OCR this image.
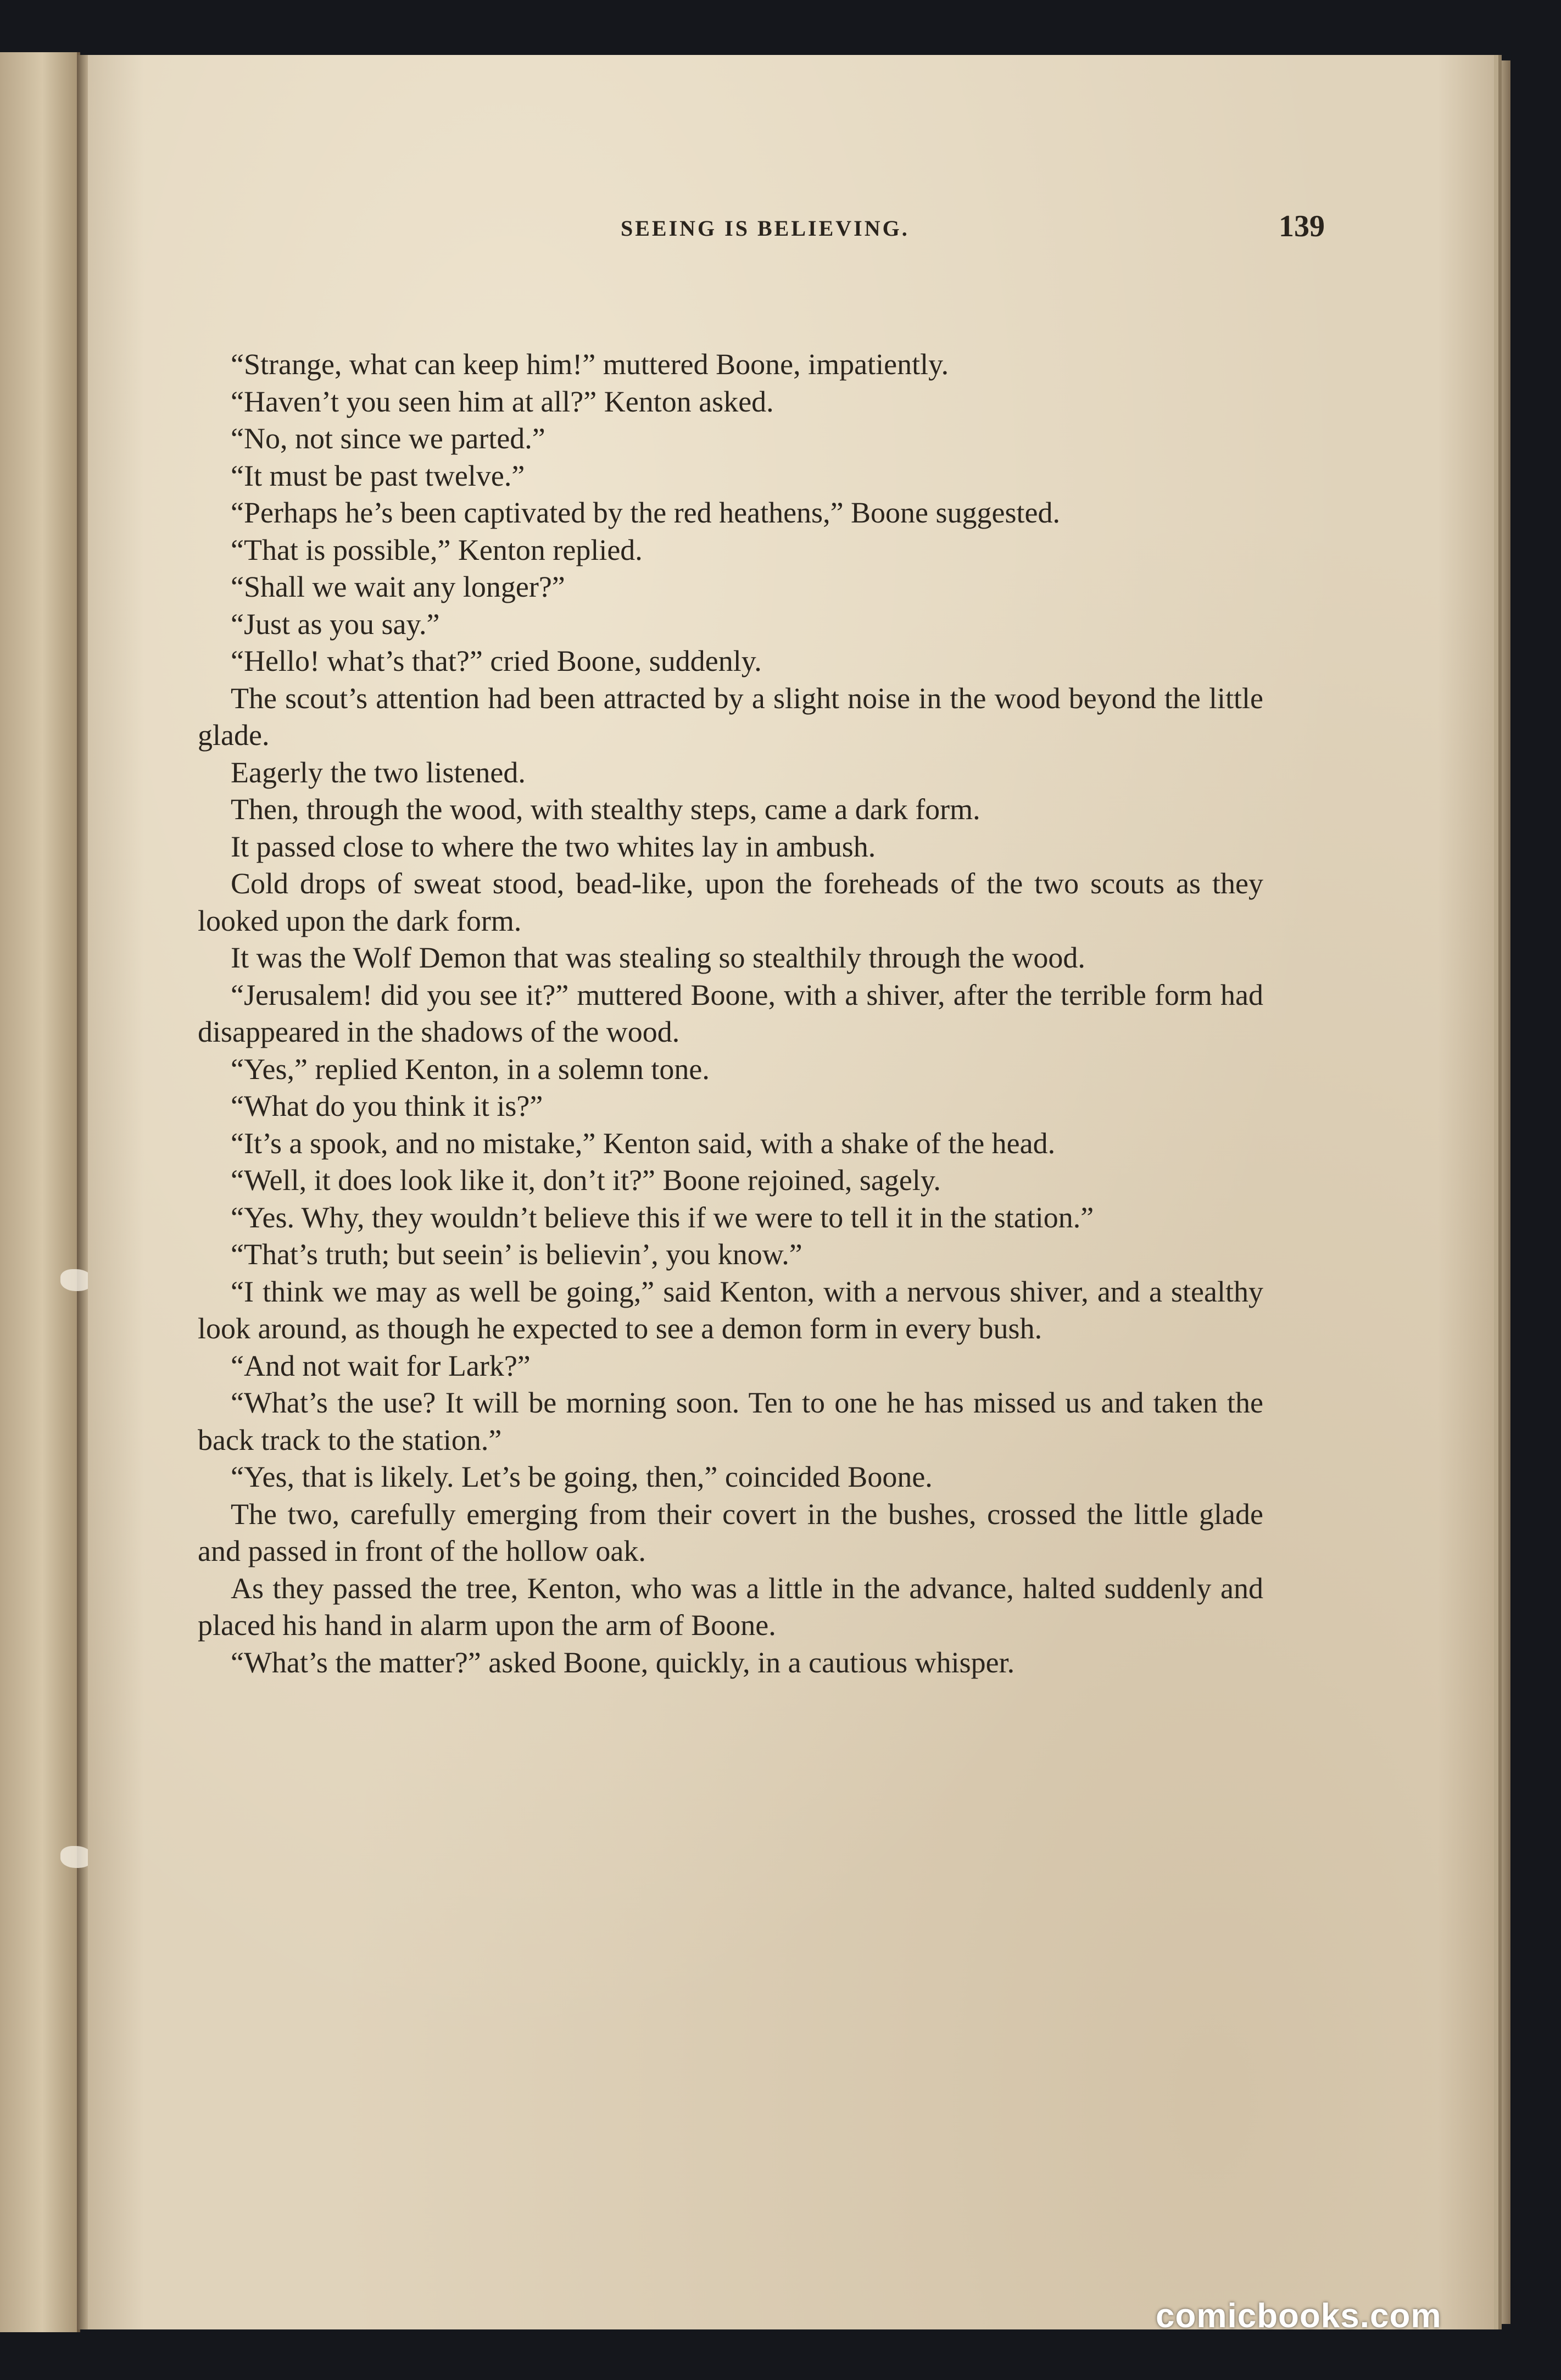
SEEING IS BELIEVING.	139

“Strange, what can keep him!” muttered Boone, impatiently.

“Haven’t you seen him at all?” Kenton asked.

“No, not since we parted.”

“It must be past twelve.”

“Perhaps he’s been captivated by the red heathens,” Boone suggested.

“That is possible,” Kenton replied.

“Shall we wait any longer?”

“Just as you say.”

“Hello! what’s that?” cried Boone, suddenly.

The scout’s attention had been attracted by a slight noise in the wood beyond the little glade.

Eagerly the two listened.

Then, through the wood, with stealthy steps, came a dark form.

It passed close to where the two whites lay in ambush.

Cold drops of sweat stood, bead-like, upon the foreheads of the two scouts as they looked upon the dark form.

It was the Wolf Demon that was stealing so stealthily through the wood.

“Jerusalem! did you see it?” muttered Boone, with a shiver, after the terrible form had disappeared in the shadows of the wood.

“Yes,” replied Kenton, in a solemn tone.

“What do you think it is?”

“It’s a spook, and no mistake,” Kenton said, with a shake of the head.

“Well, it does look like it, don’t it?” Boone rejoined, sagely.

“Yes. Why, they wouldn’t believe this if we were to tell it in the station.”

“That’s truth; but seein’ is believin’, you know.”

“I think we may as well be going,” said Kenton, with a nervous shiver, and a stealthy look around, as though he expected to see a demon form in every bush.

“And not wait for Lark?”

“What’s the use? It will be morning soon. Ten to one he has missed us and taken the back track to the station.”

“Yes, that is likely. Let’s be going, then,” coincided Boone.

The two, carefully emerging from their covert in the bushes, crossed the little glade and passed in front of the hollow oak.

As they passed the tree, Kenton, who was a little in the advance, halted suddenly and placed his hand in alarm upon the arm of Boone.

“What’s the matter?” asked Boone, quickly, in a cautious whisper.

comicbooks.com
